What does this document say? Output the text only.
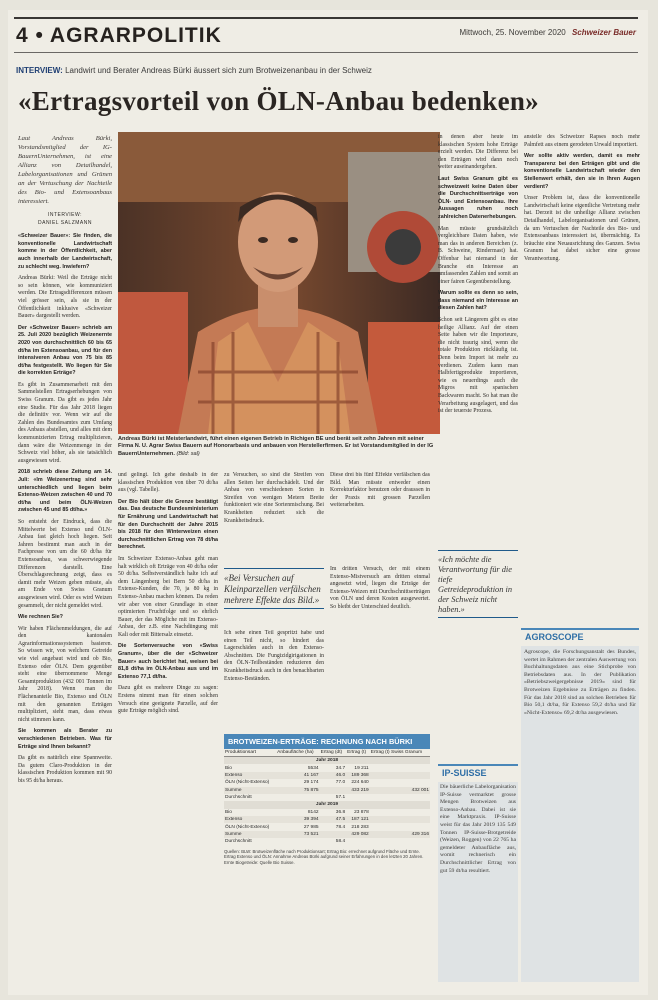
4 • AGRARPOLITIK	Mittwoch, 25. November 2020 Schweizer Bauer
INTERVIEW: Landwirt und Berater Andreas Bürki äussert sich zum Brotweizenanbau in der Schweiz
«Ertragsvorteil von ÖLN-Anbau bedenken»
Laut Andreas Bürki, Vorstandsmitglied der IG-BauernUnternehmen, ist eine Allianz von Detailhandel, Labelorganisationen und Grünen an der Vertuschung der Nachteile des Bio- und Extensoanbaus interessiert.
INTERVIEW:
DANIEL SALZMANN

«Schweizer Bauer»: Sie finden, die konventionelle Landwirtschaft komme in der Öffentlichkeit, aber auch innerhalb der Landwirtschaft, zu schlecht weg. Inwiefern?

Andreas Bürki: Weil die Erträge nicht so sein können, wie kommuniziert werden. Die Ertragsdifferenzen müssen viel grösser sein, als sie in der Öffentlichkeit inklusive «Schweizer Bauer» dargestellt werden.

Der «Schweizer Bauer» schrieb am 25. Juli 2020 bezüglich Weizenernte 2020 von durchschnittlich 60 bis 65 dt/ha im Extensoanbau, und für den intensiveren Anbau von 75 bis 85 dt/ha festgestellt. Wo liegen für Sie die korrekten Erträge?

Es gibt in Zusammenarbeit mit den Sammelstellen Ertragserhebungen von Swiss Granum. Da gibt es jedes Jahr eine Studie. Für das Jahr 2018 liegen die definitiv vor. Wenn wir auf die Zahlen des Bundesamtes zum Umfang des Anbaus abstellen, und alles mit dem kommunizierten Ertrag multiplizieren, dann wäre die Weizenmenge in der Schweiz viel höher, als sie tatsächlich ausgewiesen wird.

2018 schrieb diese Zeitung am 14. Juli: «Im Weizenertrag sind sehr unterschiedlich und liegen beim Extenso-Weizen zwischen 40 und 70 dt/ha und beim ÖLN-Weizen zwischen 45 und 85 dt/ha.»

So entsteht der Eindruck, dass die Mittelwerte bei Extenso und ÖLN-Anbau fast gleich hoch liegen. Seit Jahren bestimmt man auch in der Fachpresse von um die 60 dt/ha für Extensoanbau, was schwerwiegende Differenzen darstellt. Eine Überschlagsrechnung zeigt, dass es damit mehr Weizen geben müsste, als am Ende von Swiss Granum ausgewiesen wird. Oder es wird Weizen gesammelt, der nicht gemeldet wird.

Wie rechnen Sie?

Wir haben Flächenmeldungen, die auf den kantonalen Agrarinformationssystemen basieren. So wissen wir, von welchem Getreide wie viel angebaut wird und ob Bio, Extenso oder ÖLN. Dem gegenüber steht eine übernommene Menge Gesamtproduktion (432 001 Tonnen im Jahr 2018). Wenn man die Flächenanteile Bio, Extenso und ÖLN mit den genannten Erträgen multipliziert, sieht man, dass etwas nicht stimmen kann.

Sie kommen als Berater zu verschiedenen Betrieben. Was für Erträge sind Ihnen bekannt?

Da gibt es natürlich eine Spannweite. Da gutem Claro-Produktion in der klassischen Produktion kommen mit 90 bis 95 dt/ha heraus.

Andreas Bürki ist Meisterlandwirt, führt einen eigenen Betrieb in Richigen BE und berät seit zehn Jahren mit seiner Firma N. U. Agrar Swiss Bauern auf Honorarbasis und anbauen von Herstellerfirmen. Er ist Vorstandsmitglied in der IG BauernUnternehmen. (Bild: sal)

und gelingt. Ich gehe deshalb in der klassischen Produktion von über 70 dt/ha aus (vgl. Tabelle).

Der Bio hält über die Grenze bestätigt das. Das deutsche Bundesministerium für Ernährung und Landwirtschaft hat für den Durchschnitt der Jahre 2015 bis 2018 für den Winterweizen einen durchschnittlichen Ertrag von 78 dt/ha berechnet.

Im Schweizer Extenso-Anbau geht man halt wirklich oft Erträge von 40 dt/ha oder 50 dt/ha. Selbstverständlich halte ich auf dem Längenberg bei Bern 50 dt/ha in Extenso-Kunden, die 70, ja 80 kg in Extenso-Anbau machen können. Da reden wir aber von einer Grundlage in einer optimierten Fruchtfolge und so ehrlich Bauer, der das Mögliche mit im Extenso-Anbau, der z.B. eine Nachdüngung mit Kali oder mit Bittersalz einsetzt.

Die Sortenversuche von «Swiss Granum», über die der «Schweizer Bauer» auch berichtet hat, weisen bei 81,8 dt/ha im ÖLN-Anbau aus und im Extenso 77,1 dt/ha.

Dazu gibt es mehrere Dinge zu sagen: Erstens nimmt man für einen solchen Versuch eine geeignete Parzelle, auf der gute Erträge möglich sind.

zu Versuchen, so sind die Streifen von allen Seiten her durchschädelt. Und der Anbau von verschiedenen Sorten in Streifen von wenigen Metern Breite funktioniert wie eine Sortenmischung. Bei Krankheiten reduziert sich die Krankheitsdruck.

Diese drei bis fünf Effekte verfälschen das Bild. Man müsste entweder einen Korrekturfaktor benutzen oder draussen in der Praxis mit grossen Parzellen weiterarbeiten.

«Bei Versuchen auf Kleinparzellen verfälschen mehrere Effekte das Bild.»

Im dritten Versuch, der mit einem Extenso-Mistversuch am dritten einmal angesetzt wird, liegen die Erträge der Extenso-Weizen mit Durchschnittserträgen von ÖLN und deren Kosten ausgewertet. So bleibt der Unterschied deutlich.

Ich sehe einen Teil gespritzt habe und einen Teil nicht, so hindert das Lagerschäden auch in den Extenso-Abschnitten. Die Fungizidgirigationen in den ÖLN-Teilbeständen reduzieren den Krankheitsdruck auch in den benachbarten Extenso-Beständen.

BROTWEIZEN-ERTRÄGE: RECHNUNG NACH BÜRKI
Produktionsart	Anbaufläche (ha)	Ertrag (dt)	Ertrag (t)	Ertrag (t) Swiss Granum
Jahr 2018				
Bio	5534	34.7	19 211	
Extenso	41 167	46.0	189 368	
ÖLN (Nicht-Extenso)	29 174	77.0	224 640	
Summe	75 875		433 219	432 001
Durchschnitt		57.1		
Jahr 2019				
Bio	8142	36.8	23 878	
Extenso	39 394	47.5	187 121	
ÖLN (Nicht-Extenso)	27 985	78.4	218 283	
Summe	73 521		429 082	429 316
Durchschnitt		58.4		
Quellen: BLW: Brotweizenfläche nach Produktionsart; Ertrag Bio: errechnet aufgrund Fläche und Ernte. Ertrag Extenso und ÖLN: Annahme Andreas Bürki aufgrund seiner Erfahrungen in den letzten 20 Jahren. Ernte Biogetreide: Quelle Bio Suisse.

in denen aber heute im klassischen System hohe Erträge erzielt werden. Die Differenz bei den Erträgen wird dann noch weiter auseinandergehen.

Laut Swiss Granum gibt es schweizweit keine Daten über die Durchschnittserträge von ÖLN- und Extensoanbau. Ihre Aussagen ruhen noch zahlreichen Datenerhebungen.

Man müsste grundsätzlich vergleichbare Daten haben, wie man das in anderen Bereichen (z. B. Schweine, Rindermast) hat. Offenbar hat niemand in der Branche ein Interesse an umfassenden Zahlen und somit an einer fairen Gegenüberstellung.

Warum sollte es denn so sein, dass niemand ein Interesse an diesen Zahlen hat?

Schon seit Längerem gibt es eine heilige Allianz. Auf der einen Seite haben wir die Importeure, die nicht traurig sind, wenn die totale Produktion rückläufig ist. Denn beim Import ist mehr zu verdienen. Zudem kann man Halbfertigprodukte importieren, wie es neuerdings auch die Migros mit spanischen Backwaren macht. So hat man die Verarbeitung ausgelagert, und das ist der teuerste Prozess.

«Ich möchte die Verantwortung für die tiefe Getreideproduktion in der Schweiz nicht haben.»
IP-SUISSE
Die bäuerliche Labelorganisation IP-Suisse vermarktet grosse Mengen Brotweizen aus Extenso-Anbau. Dabei ist sie eine Marktpraxis. IP-Suisse weist für das Jahr 2019 135 549 Tonnen IP-Suisse-Brotgetreide (Weizen, Roggen) von 22 765 ha gemeldeter Anbaufläche aus, womit rechnerisch ein Durchschnittlicher Ertrag von gut 59 dt/ha resultiert.

anstelle des Schweizer Rapses noch mehr Palmfett aus einem gerodeten Urwald importiert.

Wer sollte aktiv werden, damit es mehr Transparenz bei den Erträgen gibt und die konventionelle Landwirtschaft wieder den Stellenwert erhält, den sie in Ihren Augen verdient?

Unser Problem ist, dass die konventionelle Landwirtschaft keine eigentliche Vertretung mehr hat. Derzeit ist die unheilige Allianz zwischen Detailhandel, Labelorganisationen und Grünen, da um Vertuschen der Nachteile des Bio- und Extensoanbaus interessiert ist, übermächtig. Es bräuchte eine Neuausrichtung des Ganzen. Swiss Granum hat dabei sicher eine grosse Verantwortung.

AGROSCOPE
Agroscope, die Forschungsanstalt des Bundes, wertet im Rahmen der zentralen Auswertung von Buchhaltungsdaten aus eine Stichprobe von Betriebsdaten aus. In der Publikation «Betriebszweigergebnisse 2019» sind für Brotweizen Ergebnisse zu Erträgen zu finden. Für das Jahr 2018 sind an solchen Betrieben für Bio 50,1 dt/ha, für Extenso 59,2 dt/ha und für «Nicht-Extenso» 69,2 dt/ha ausgewiesen.
